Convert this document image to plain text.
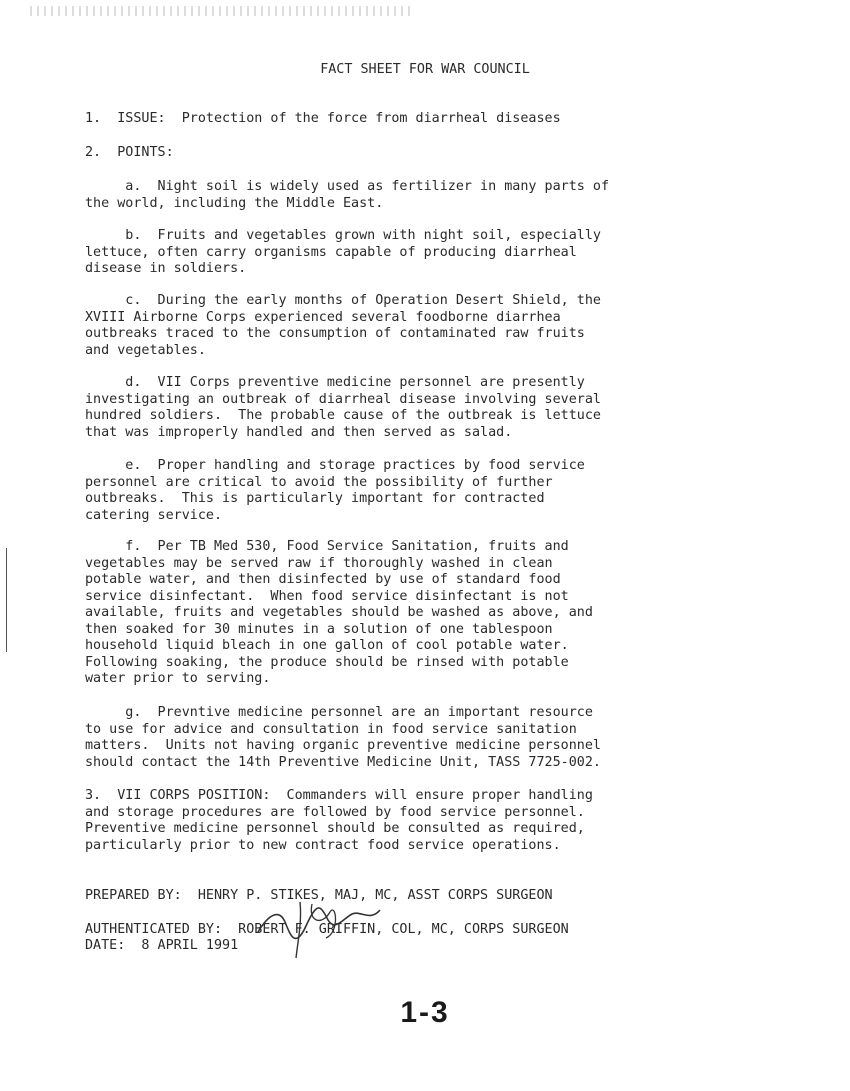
FACT SHEET FOR WAR COUNCIL
1.  ISSUE:  Protection of the force from diarrheal diseases
2.  POINTS:
a.  Night soil is widely used as fertilizer in many parts of
the world, including the Middle East.
b.  Fruits and vegetables grown with night soil, especially
lettuce, often carry organisms capable of producing diarrheal
disease in soldiers.
c.  During the early months of Operation Desert Shield, the
XVIII Airborne Corps experienced several foodborne diarrhea
outbreaks traced to the consumption of contaminated raw fruits
and vegetables.
d.  VII Corps preventive medicine personnel are presently
investigating an outbreak of diarrheal disease involving several
hundred soldiers.  The probable cause of the outbreak is lettuce
that was improperly handled and then served as salad.
e.  Proper handling and storage practices by food service
personnel are critical to avoid the possibility of further
outbreaks.  This is particularly important for contracted
catering service.
f.  Per TB Med 530, Food Service Sanitation, fruits and
vegetables may be served raw if thoroughly washed in clean
potable water, and then disinfected by use of standard food
service disinfectant.  When food service disinfectant is not
available, fruits and vegetables should be washed as above, and
then soaked for 30 minutes in a solution of one tablespoon
household liquid bleach in one gallon of cool potable water.
Following soaking, the produce should be rinsed with potable
water prior to serving.
g.  Prevntive medicine personnel are an important resource
to use for advice and consultation in food service sanitation
matters.  Units not having organic preventive medicine personnel
should contact the 14th Preventive Medicine Unit, TASS 7725-002.
3.  VII CORPS POSITION:  Commanders will ensure proper handling
and storage procedures are followed by food service personnel.
Preventive medicine personnel should be consulted as required,
particularly prior to new contract food service operations.
PREPARED BY:  HENRY P. STIKES, MAJ, MC, ASST CORPS SURGEON
AUTHENTICATED BY:  ROBERT F. GRIFFIN, COL, MC, CORPS SURGEON
DATE:  8 APRIL 1991
1-3
